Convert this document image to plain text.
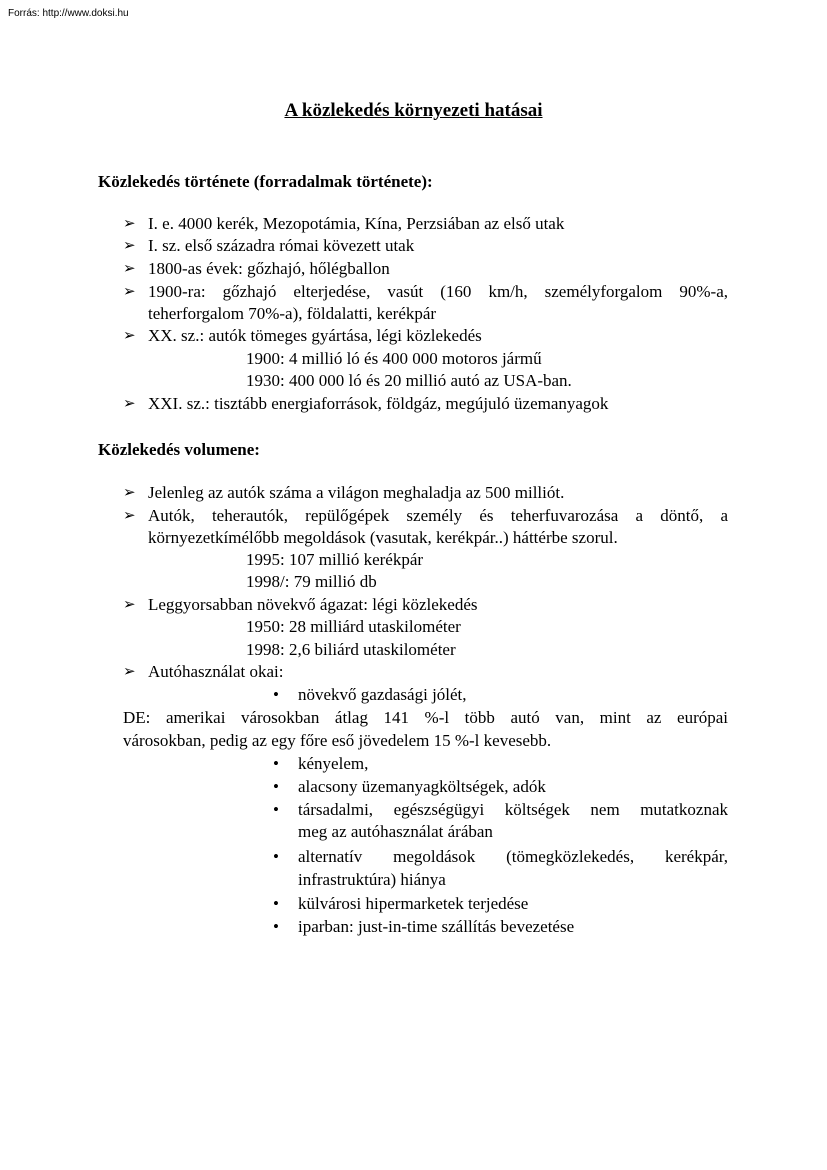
Forrás: http://www.doksi.hu
A közlekedés környezeti hatásai
Közlekedés története (forradalmak története):
➢ I. e. 4000 kerék, Mezopotámia, Kína, Perzsiában az első utak
➢ I. sz. első századra római kövezett utak
➢ 1800-as évek: gőzhajó, hőlégballon
➢ 1900-ra: gőzhajó elterjedése, vasút (160 km/h, személyforgalom 90%-a,
teherforgalom 70%-a), földalatti, kerékpár
➢ XX. sz.: autók tömeges gyártása, légi közlekedés
1900: 4 millió ló és 400 000 motoros jármű
1930: 400 000 ló és 20 millió autó az USA-ban.
➢ XXI. sz.: tisztább energiaforrások, földgáz, megújuló üzemanyagok
Közlekedés volumene:
➢ Jelenleg az autók száma a világon meghaladja az 500 milliót.
➢ Autók, teherautók, repülőgépek személy és teherfuvarozása a döntő, a
környezetkímélőbb megoldások (vasutak, kerékpár..) háttérbe szorul.
1995: 107 millió kerékpár
1998/: 79 millió db
➢ Leggyorsabban növekvő ágazat: légi közlekedés
1950: 28 milliárd utaskilométer
1998: 2,6 biliárd utaskilométer
➢ Autóhasználat okai:
• növekvő gazdasági jólét,
DE: amerikai városokban átlag 141 %-l több autó van, mint az európai
városokban, pedig az egy főre eső jövedelem 15 %-l kevesebb.
• kényelem,
• alacsony üzemanyagköltségek, adók
• társadalmi, egészségügyi költségek nem mutatkoznak
meg az autóhasználat árában
• alternatív megoldások (tömegközlekedés, kerékpár,
infrastruktúra) hiánya
• külvárosi hipermarketek terjedése
• iparban: just-in-time szállítás bevezetése
